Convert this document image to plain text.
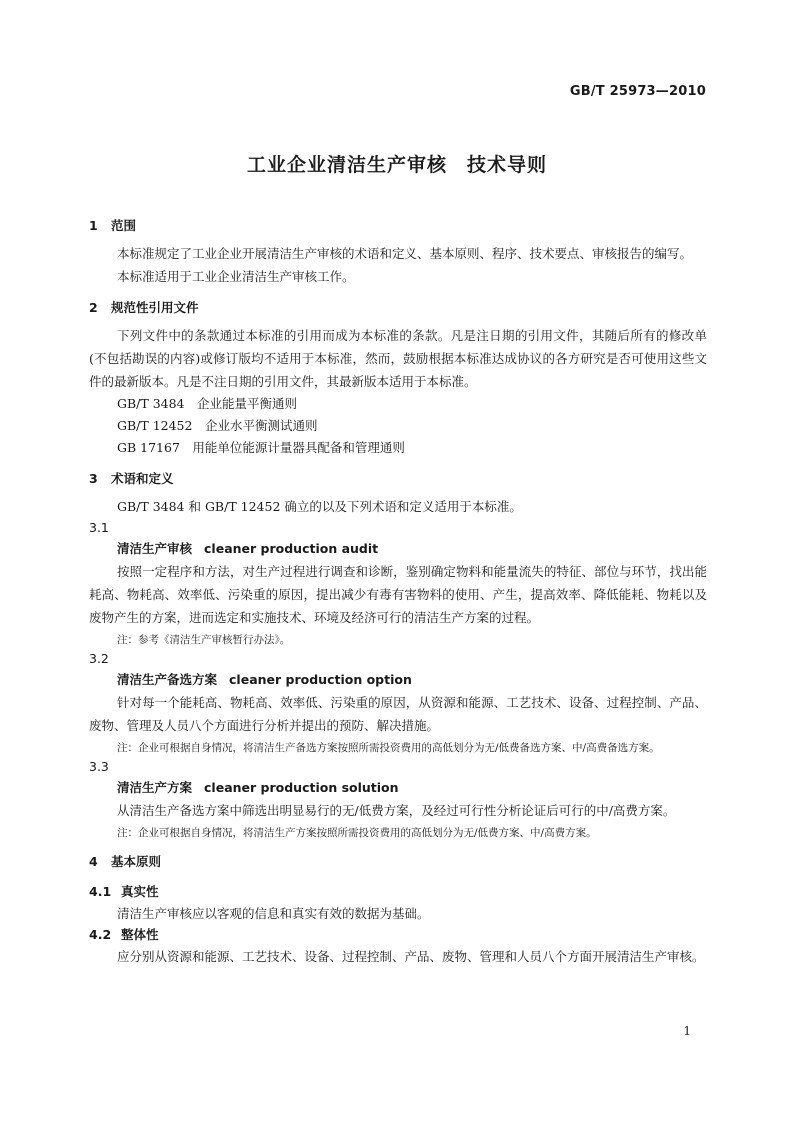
GB/T 25973—2010
工业企业清洁生产审核　技术导则
1 范围

本标准规定了工业企业开展清洁生产审核的术语和定义、基本原则、程序、技术要点、审核报告的编写。

本标准适用于工业企业清洁生产审核工作。

2 规范性引用文件

下列文件中的条款通过本标准的引用而成为本标准的条款。凡是注日期的引用文件，其随后所有的修改单(不包括勘误的内容)或修订版均不适用于本标准，然而，鼓励根据本标准达成协议的各方研究是否可使用这些文件的最新版本。凡是不注日期的引用文件，其最新版本适用于本标准。

GB/T 3484　企业能量平衡通则

GB/T 12452　企业水平衡测试通则

GB 17167　用能单位能源计量器具配备和管理通则

3 术语和定义

GB/T 3484 和 GB/T 12452 确立的以及下列术语和定义适用于本标准。

3.1
清洁生产审核 cleaner production audit

按照一定程序和方法，对生产过程进行调查和诊断，鉴别确定物料和能量流失的特征、部位与环节，找出能耗高、物耗高、效率低、污染重的原因，提出减少有毒有害物料的使用、产生，提高效率、降低能耗、物耗以及废物产生的方案，进而选定和实施技术、环境及经济可行的清洁生产方案的过程。

注：参考《清洁生产审核暂行办法》。

3.2
清洁生产备选方案 cleaner production option

针对每一个能耗高、物耗高、效率低、污染重的原因，从资源和能源、工艺技术、设备、过程控制、产品、废物、管理及人员八个方面进行分析并提出的预防、解决措施。

注：企业可根据自身情况，将清洁生产备选方案按照所需投资费用的高低划分为无/低费备选方案、中/高费备选方案。

3.3
清洁生产方案 cleaner production solution

从清洁生产备选方案中筛选出明显易行的无/低费方案，及经过可行性分析论证后可行的中/高费方案。

注：企业可根据自身情况，将清洁生产方案按照所需投资费用的高低划分为无/低费方案、中/高费方案。

4 基本原则
4.1 真实性

清洁生产审核应以客观的信息和真实有效的数据为基础。

4.2 整体性

应分别从资源和能源、工艺技术、设备、过程控制、产品、废物、管理和人员八个方面开展清洁生产审核。

1
